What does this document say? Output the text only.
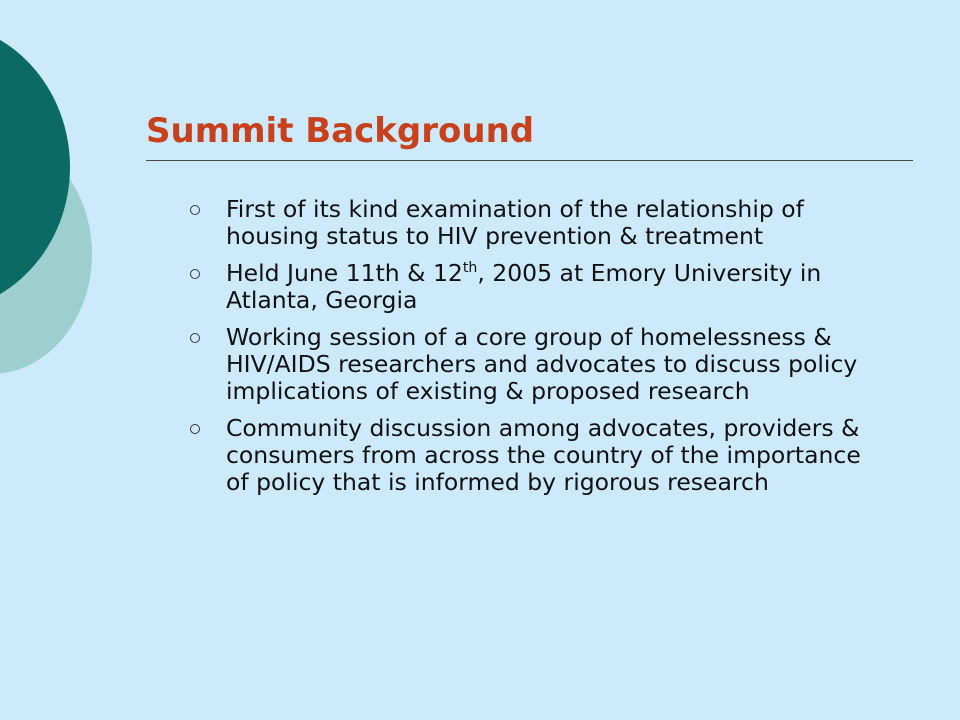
Summit Background
First of its kind examination of the relationship of housing status to HIV prevention & treatment
Held June 11th & 12th, 2005 at Emory University in Atlanta, Georgia
Working session of a core group of homelessness & HIV/AIDS researchers and advocates to discuss policy implications of existing & proposed research
Community discussion among advocates, providers & consumers from across the country of the importance of policy that is informed by rigorous research
